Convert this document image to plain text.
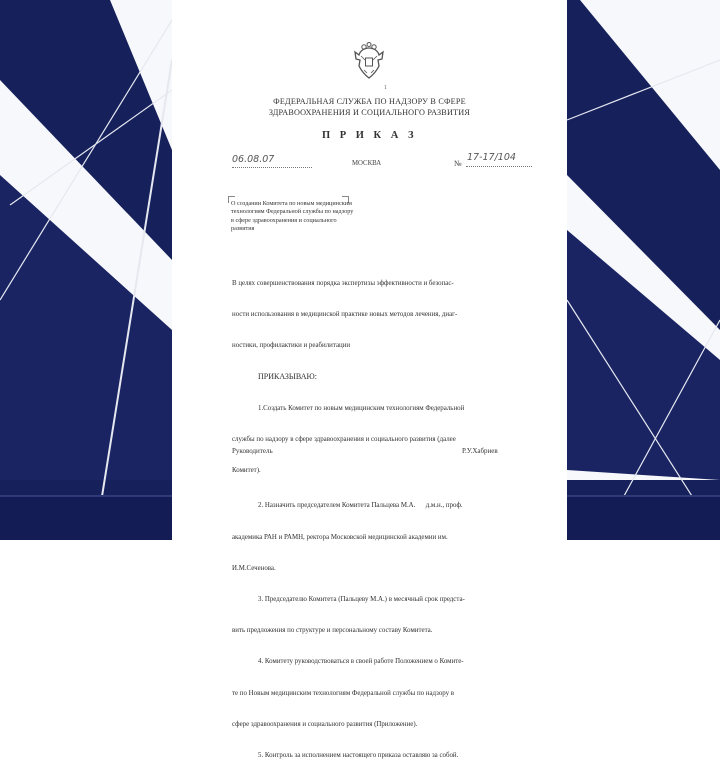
1
ФЕДЕРАЛЬНАЯ СЛУЖБА ПО НАДЗОРУ В СФЕРЕ
ЗДРАВООХРАНЕНИЯ И СОЦИАЛЬНОГО РАЗВИТИЯ
П Р И К А З
06.08.07	МОСКВА	№
17-17/104
О создании Комитета по новым медицинским технологиям Федеральной службы по надзору в сфере здравоохранения и социального развития

В целях совершенствования порядка экспертизы эффективности и безопас-

ности использования в медицинской практике новых методов лечения, диаг-

ностики, профилактики и реабилитации

ПРИКАЗЫВАЮ:

1.Создать Комитет по новым медицинским технологиям Федеральной

службы по надзору в сфере здравоохранения и социального развития (далее

Комитет).

2. Назначить председателем Комитета Пальцева М.А.      д.м.н., проф.

академика РАН и РАМН, ректора Московской медицинской академии им.

И.М.Сеченова.

3. Председателю Комитета (Пальцеву М.А.) в месячный срок предста-

вить предложения по структуре и персональному составу Комитета.

4. Комитету руководствоваться в своей работе Положением о Комите-

те по Новым медицинским технологиям Федеральной службы по надзору в

сфере здравоохранения и социального развития (Приложение).

5. Контроль за исполнением настоящего приказа оставляю за собой.

Руководитель	Р.У.Хабриев
